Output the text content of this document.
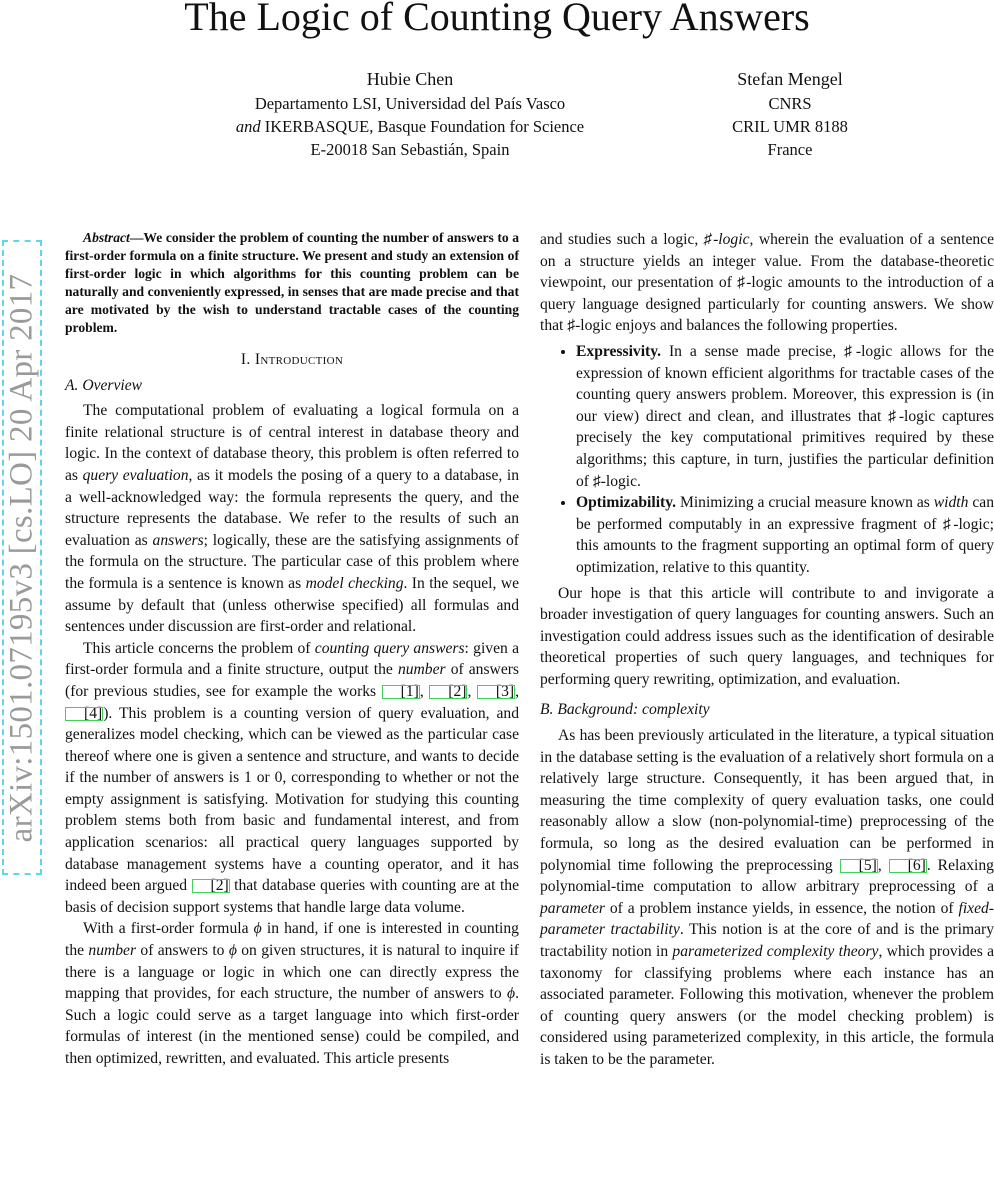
The Logic of Counting Query Answers
Hubie Chen
Departamento LSI, Universidad del País Vasco
and IKERBASQUE, Basque Foundation for Science
E-20018 San Sebastián, Spain
Stefan Mengel
CNRS
CRIL UMR 8188
France
arXiv:1501.07195v3 [cs.LO] 20 Apr 2017

Abstract—We consider the problem of counting the number of answers to a first-order formula on a finite structure. We present and study an extension of first-order logic in which algorithms for this counting problem can be naturally and conveniently expressed, in senses that are made precise and that are motivated by the wish to understand tractable cases of the counting problem.

I. Introduction
A. Overview

The computational problem of evaluating a logical formula on a finite relational structure is of central interest in database theory and logic. In the context of database theory, this problem is often referred to as query evaluation, as it models the posing of a query to a database, in a well-acknowledged way: the formula represents the query, and the structure represents the database. We refer to the results of such an evaluation as answers; logically, these are the satisfying assignments of the formula on the structure. The particular case of this problem where the formula is a sentence is known as model checking. In the sequel, we assume by default that (unless otherwise specified) all formulas and sentences under discussion are first-order and relational.

This article concerns the problem of counting query answers: given a first-order formula and a finite structure, output the number of answers (for previous studies, see for example the works [1], [2], [3], [4]). This problem is a counting version of query evaluation, and generalizes model checking, which can be viewed as the particular case thereof where one is given a sentence and structure, and wants to decide if the number of answers is 1 or 0, corresponding to whether or not the empty assignment is satisfying. Motivation for studying this counting problem stems both from basic and fundamental interest, and from application scenarios: all practical query languages supported by database management systems have a counting operator, and it has indeed been argued [2] that database queries with counting are at the basis of decision support systems that handle large data volume.

With a first-order formula ϕ in hand, if one is interested in counting the number of answers to ϕ on given structures, it is natural to inquire if there is a language or logic in which one can directly express the mapping that provides, for each structure, the number of answers to ϕ. Such a logic could serve as a target language into which first-order formulas of interest (in the mentioned sense) could be compiled, and then optimized, rewritten, and evaluated. This article presents

and studies such a logic, ♯-logic, wherein the evaluation of a sentence on a structure yields an integer value. From the database-theoretic viewpoint, our presentation of ♯-logic amounts to the introduction of a query language designed particularly for counting answers. We show that ♯-logic enjoys and balances the following properties.

• Expressivity. In a sense made precise, ♯-logic allows for the expression of known efficient algorithms for tractable cases of the counting query answers problem. Moreover, this expression is (in our view) direct and clean, and illustrates that ♯-logic captures precisely the key computational primitives required by these algorithms; this capture, in turn, justifies the particular definition of ♯-logic.
• Optimizability. Minimizing a crucial measure known as width can be performed computably in an expressive fragment of ♯-logic; this amounts to the fragment supporting an optimal form of query optimization, relative to this quantity.

Our hope is that this article will contribute to and invigorate a broader investigation of query languages for counting answers. Such an investigation could address issues such as the identification of desirable theoretical properties of such query languages, and techniques for performing query rewriting, optimization, and evaluation.

B. Background: complexity

As has been previously articulated in the literature, a typical situation in the database setting is the evaluation of a relatively short formula on a relatively large structure. Consequently, it has been argued that, in measuring the time complexity of query evaluation tasks, one could reasonably allow a slow (non-polynomial-time) preprocessing of the formula, so long as the desired evaluation can be performed in polynomial time following the preprocessing [5], [6]. Relaxing polynomial-time computation to allow arbitrary preprocessing of a parameter of a problem instance yields, in essence, the notion of fixed-parameter tractability. This notion is at the core of and is the primary tractability notion in parameterized complexity theory, which provides a taxonomy for classifying problems where each instance has an associated parameter. Following this motivation, whenever the problem of counting query answers (or the model checking problem) is considered using parameterized complexity, in this article, the formula is taken to be the parameter.
